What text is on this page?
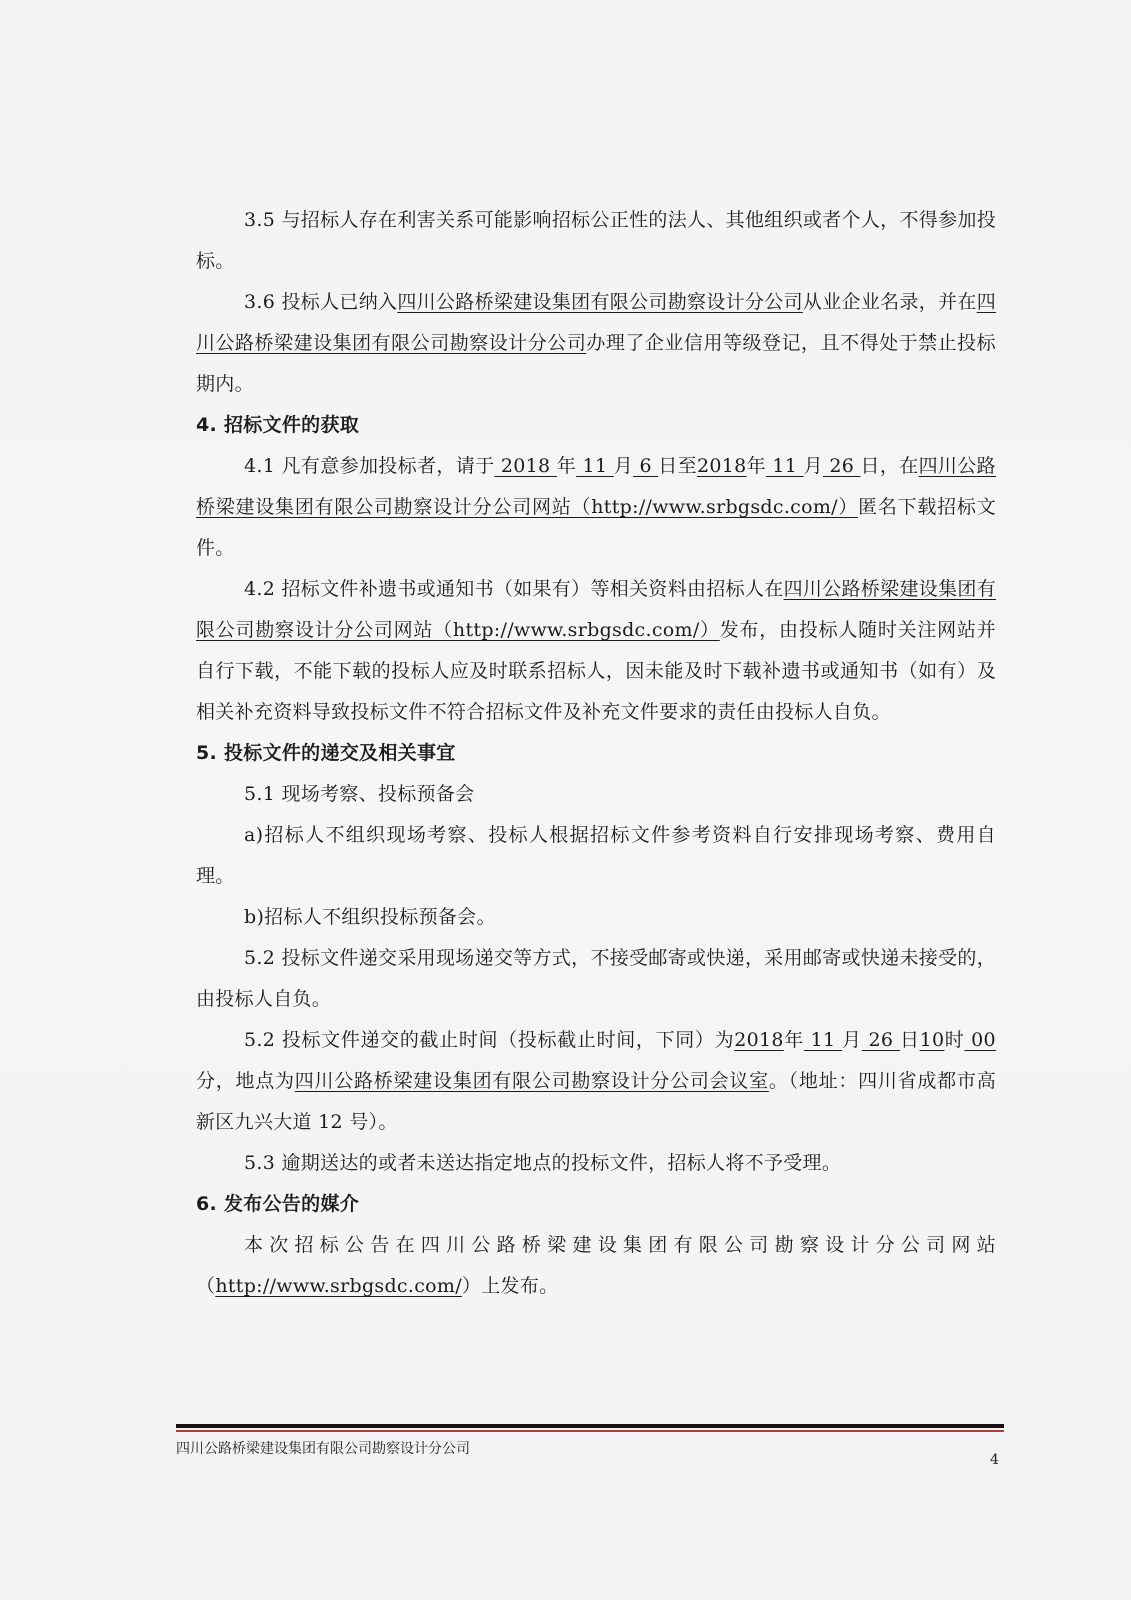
3.5 与招标人存在利害关系可能影响招标公正性的法人、其他组织或者个人，不得参加投标。

3.6 投标人已纳入四川公路桥梁建设集团有限公司勘察设计分公司从业企业名录，并在四川公路桥梁建设集团有限公司勘察设计分公司办理了企业信用等级登记，且不得处于禁止投标期内。

4. 招标文件的获取

4.1 凡有意参加投标者，请于 2018 年 11 月 6 日至2018年 11 月 26 日，在四川公路桥梁建设集团有限公司勘察设计分公司网站（http://www.srbgsdc.com/）匿名下载招标文件。

4.2 招标文件补遗书或通知书（如果有）等相关资料由招标人在四川公路桥梁建设集团有限公司勘察设计分公司网站（http://www.srbgsdc.com/）发布，由投标人随时关注网站并自行下载，不能下载的投标人应及时联系招标人，因未能及时下载补遗书或通知书（如有）及相关补充资料导致投标文件不符合招标文件及补充文件要求的责任由投标人自负。

5. 投标文件的递交及相关事宜

5.1 现场考察、投标预备会

a)招标人不组织现场考察、投标人根据招标文件参考资料自行安排现场考察、费用自理。

b)招标人不组织投标预备会。

5.2 投标文件递交采用现场递交等方式，不接受邮寄或快递，采用邮寄或快递未接受的，由投标人自负。

5.2 投标文件递交的截止时间（投标截止时间，下同）为2018年 11 月 26 日10时 00 分，地点为四川公路桥梁建设集团有限公司勘察设计分公司会议室。（地址：四川省成都市高新区九兴大道 12 号）。

5.3 逾期送达的或者未送达指定地点的投标文件，招标人将不予受理。

6. 发布公告的媒介

本次招标公告在四川公路桥梁建设集团有限公司勘察设计分公司网站（http://www.srbgsdc.com/）上发布。

四川公路桥梁建设集团有限公司勘察设计分公司
4
